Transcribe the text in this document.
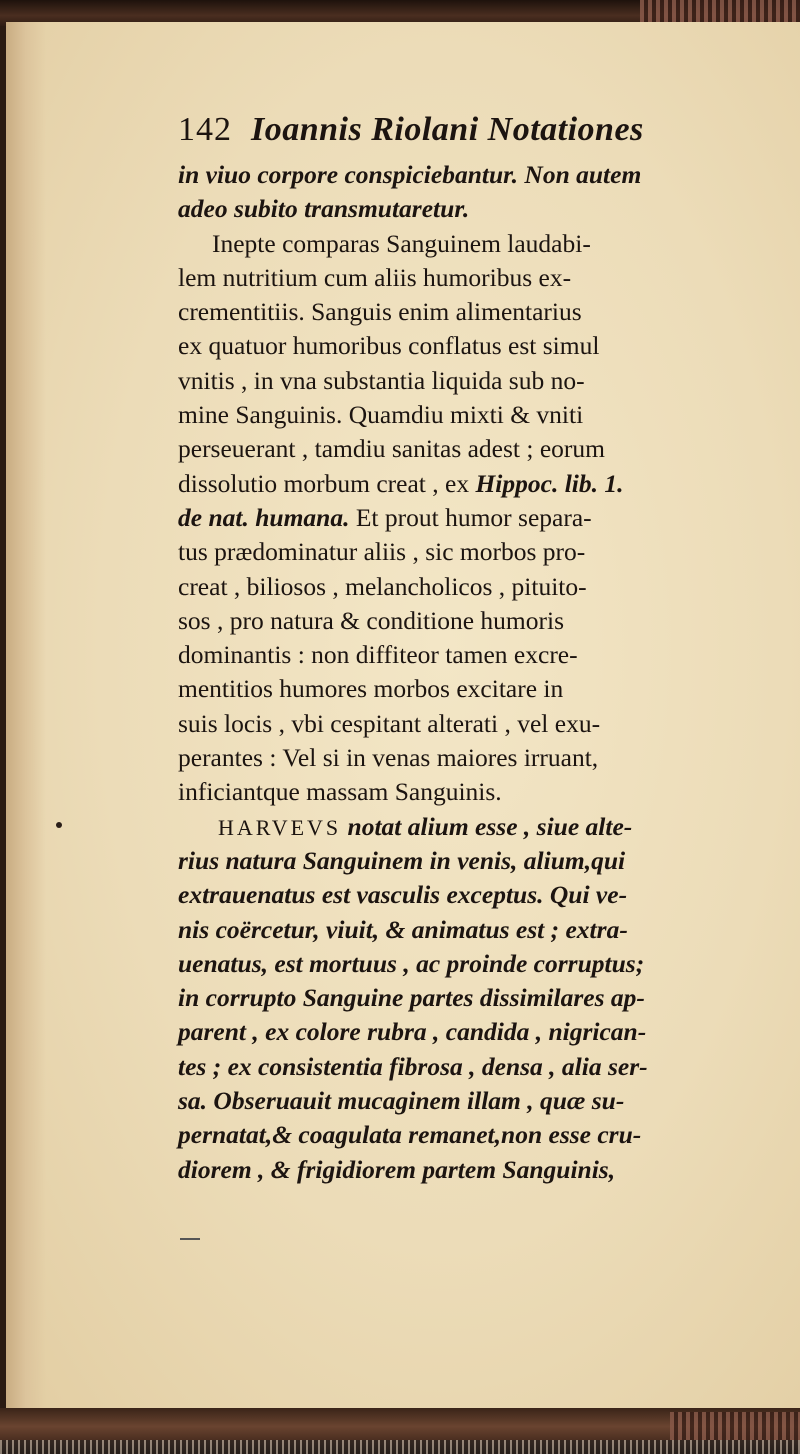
142 Ioannis Riolani Notationes
in viuo corpore conspiciebantur. Non autem
adeo subito transmutaretur.
Inepte comparas Sanguinem laudabi-
lem nutritium cum aliis humoribus ex-
crementitiis. Sanguis enim alimentarius
ex quatuor humoribus conflatus est simul
vnitis , in vna substantia liquida sub no-
mine Sanguinis. Quamdiu mixti & vniti
perseuerant , tamdiu sanitas adest ; eorum
dissolutio morbum creat , ex Hippoc. lib. 1.
de nat. humana. Et prout humor separa-
tus prædominatur aliis , sic morbos pro-
creat , biliosos , melancholicos , pituito-
sos , pro natura & conditione humoris
dominantis : non diffiteor tamen excre-
mentitios humores morbos excitare in
suis locis , vbi cespitant alterati , vel exu-
perantes : Vel si in venas maiores irruant,
inficiantque massam Sanguinis.
HARVEVS notat alium esse , siue alte-
rius natura Sanguinem in venis, alium,qui
extrauenatus est vasculis exceptus. Qui ve-
nis coërcetur, viuit, & animatus est ; extra-
uenatus, est mortuus , ac proinde corruptus;
in corrupto Sanguine partes dissimilares ap-
parent , ex colore rubra , candida , nigrican-
tes ; ex consistentia fibrosa , densa , alia ser-
sa. Obseruauit mucaginem illam , quæ su-
pernatat,& coagulata remanet,non esse cru-
diorem , & frigidiorem partem Sanguinis,
